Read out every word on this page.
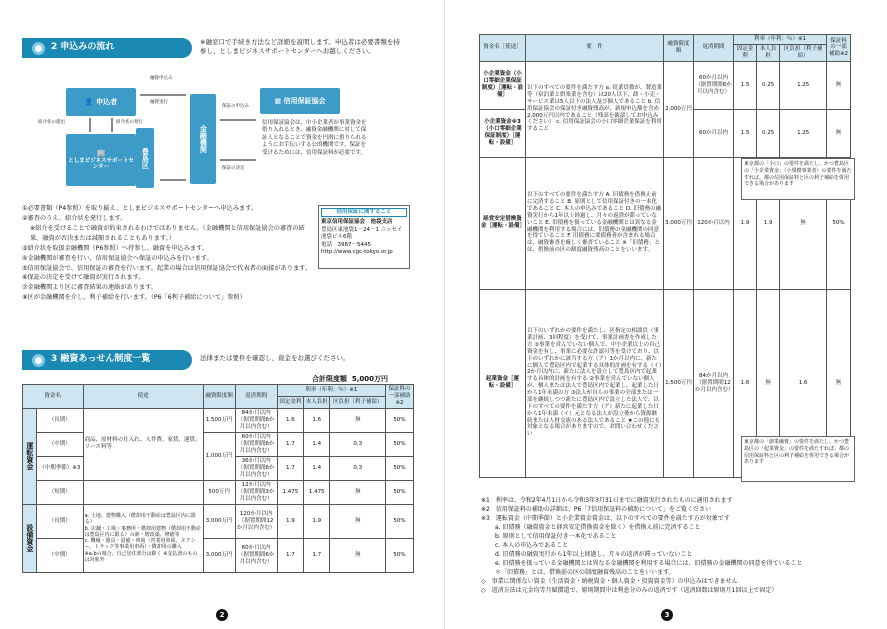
2
申込みの流れ
※融窓口で手続き方法など詳細を説明します。申込者は必要書類を持参し、としまビジネスサポートセンターへお越しください。
👤 申込者
🏢
としまビジネスサポートセンター	豊島区
金融機関
▦ 信用保証協会
信用保証協会は、中小企業者が事業資金を借り入れるとき、融資金融機関に対して保証人となることで資金を円滑に借りられるようにお手伝いする公的機関です。保証を受けるためには、信用保証料が必要です。
融資申込み
保証の申込み
保証の決定
融資実行
紹介状の提出	紹介状の発行
①必要書類（P4参照）を取り揃え、としまビジネスサポートセンターへ申込みます。
②審査のうえ、紹介状を発行します。
※紹介を受けることで融資が約束されるわけではありません。（金融機関と信用保証協会の審査の結果、融資が否決または減額されることもあります。）
③紹介状を取扱金融機関（P6参照）へ持参し、融資を申込みます。
④金融機関が審査を行い、信用保証協会へ保証の申込みを行います。
⑤信用保証協会で、信用保証の審査を行います。起業の場合は信用保証協会で代表者の面接があります。
⑥保証の決定を受けて融資が実行されます。
⑦金融機関より区に審査結果の連絡があります。
⑧区が金融機関を介し、利子補給を行います。（P6「6利子補給について」参照）
信用保証に関すること
東京信用保証協会　池袋支店
豊島区東池袋1－24－1 ニッセイ池袋ビル6階
電話　3987－5445
http://www.cgc-tokyo.or.jp
3
融資あっせん制度一覧	法律または要件を確認し、資金をお選びください。
合計限度額 5,000万円
資金名		使途	融資限度額	返済期間	利率（年利：％）※1			保証料の一部補助※2
					固定金利	本人負担	区負担（利子補給）	
運転資金	（長期）	商品、原材料の仕入れ、人件費、家賃、運賃、リース料等	1,500万円	84か月以内（据置期間6か月以内含む）	1.6	1.6	無	50%
	（中期）		1,000万円	60か月以内（据置期間6か月以内含む）	1.7	1.4	0.3	50%
	（中期季節）※3			36か月以内（据置期間6か月以内含む）	1.7	1.4	0.3	50%
	（短期）		500万円	12か月以内（据置期間3か月以内含む）	1.475	1.475	無	50%
設備資金	（長期）	a. 土地、建物購入（償却用不動産は豊島区内に限る）
b. 店舗・工場・事務所・償却用建物（償却用不動産は豊島区内に限る）の新・増改築、修繕等
c. 機械・器具・設備・車両（営業用車両、タクシー、トラック等事業用車両）・償却用の購入
※a.bの場合、自己居住部分は除く ※支払済のものは対象外	3,000万円	120か月以内（据置期間12か月以内含む）	1.9	1.9	無	50%
	（中期）		3,000万円	60か月以内（据置期間6か月以内含む）	1.7	1.7	無	50%
2
資金名［使途］	要　件	融資限度額	返済期間	利率（年利：％）※1			保証料の一部補助※2
				固定金利	本人負担	区負担（利子補給）	
小企業資金（小口零細企業保証制度）［運転・設備］	以下のすべての要件を満たす方 a. 従業員数が、製造業等（宿泊業と娯楽業を含む）は20人以下、卸・小売・サービス業は5人以下の法人及び個人であること b. 信用保証協会の保証付き融資残高が、新規申込額を含め2,000万円以内であること（残高を確認してお申込みください） c. 信用保証協会の小口零細企業保証を利用すること	2,000万円	60か月以内（据置期間6か月以内含む）	1.5	0.25	1.25	無
小企業資金※3（小口零細企業保証制度）［運転・設備］			60か月以内	1.5	0.25	1.25	無
経営安定借換資金［運転・設備］	以下のすべての要件を満たす方 A. 旧債務を借換え前に完済すること B. 原則として信用保証付きの一本化であること C. 本人の申込みであること D. 旧債務の融資実行から1年以上経過し、月々の返済が滞っていないこと E. 旧債務を扱っている金融機関とは異なる金融機関を利用する場合には、旧債務の金融機関の同意を得ていること F. 旧債務に要債務者が含まれる場合は、融資審査を厳しく審査ていること ※「旧債務」とは、借換前の区の制度融資残高のことをいいます。	3,000万円	120か月以内	1.9	1.9	無	50%
起業資金［運転・設備］	以下のいずれかの要件を満たし、区指定の相談員（事業計画、3回程度）を受けて、事業計画書を作成した方 ①事業を営んでいない個人で、中小企業以上の自己資金を有し、事業に必要な許認可等を受けており、以下のいずれかに該当する方（ア）1か月以内に、新たに個人で豊島区内で起業する具体的計画を有する（イ）2か月以内に、新たに法人を設立して豊島区内で起業する具体的計画を有する ②事業を営んでいない個人が、個人または法人で豊島区内で起業し、起業した日から1年未満の方 ③法人が自らの事業の全部または一部を継続しつつ新たに豊島区内で設立した法人で、以下のすべての要件を満たす方（ア）新たに起業した日から1年未満（イ）元となる法人が設立後から資源継続または人材交流のある法人であること ★この他にも対象となる場合がありますので、お問い合わせください	1,500万円	84か月以内（据置期間12か月以内含む）	1.6	無	1.6	無
東京都の「小口」の要件を満たし、かつ豊島区の「小企業資金」（小規模事業者）の要件を満たすれば、都の信用保証料と区の利子補給を併用できる場合があります
東京都の「創業融資」の要件を満たし、かつ豊島区の「起業資金」の要件を満たすれば、都の信用保証料と区の利子補給を併用できる場合があります
※1　利率は、令和2年4月1日から令和3年3月31日までに融資実行されたものに適用されます
※2　信用保証料の補助の詳細は、P6「7信用保証料の補助について」をご覧ください
※3　運転資金（中期季節）と小企業資金資金は、以下のすべての要件を満たす方が対象です
a. 旧債務（融資資金と経営安定借換資金を除く）を借換え前に完済すること
b. 原則として信用保証付き一本化であること
c. 本人の申込みであること
d. 旧債務の融資実行から1年以上経過し、月々の返済が滞っていないこと
e. 旧債務を扱っている金融機関とは異なる金融機関を利用する場合には、旧債務の金融機関の同意を得ていること
＊「旧債務」とは、借換前の区の制度融資残高のことをいいます。
◇　事業に関係ない資金（生活資金・納税資金・個人資金・投資資金等）の申込みはできません
◇　返済方法は元金均等月賦償還で、原則期間中は利息分のみの返済です（返済回数は原則月1回以上で固定）
3
